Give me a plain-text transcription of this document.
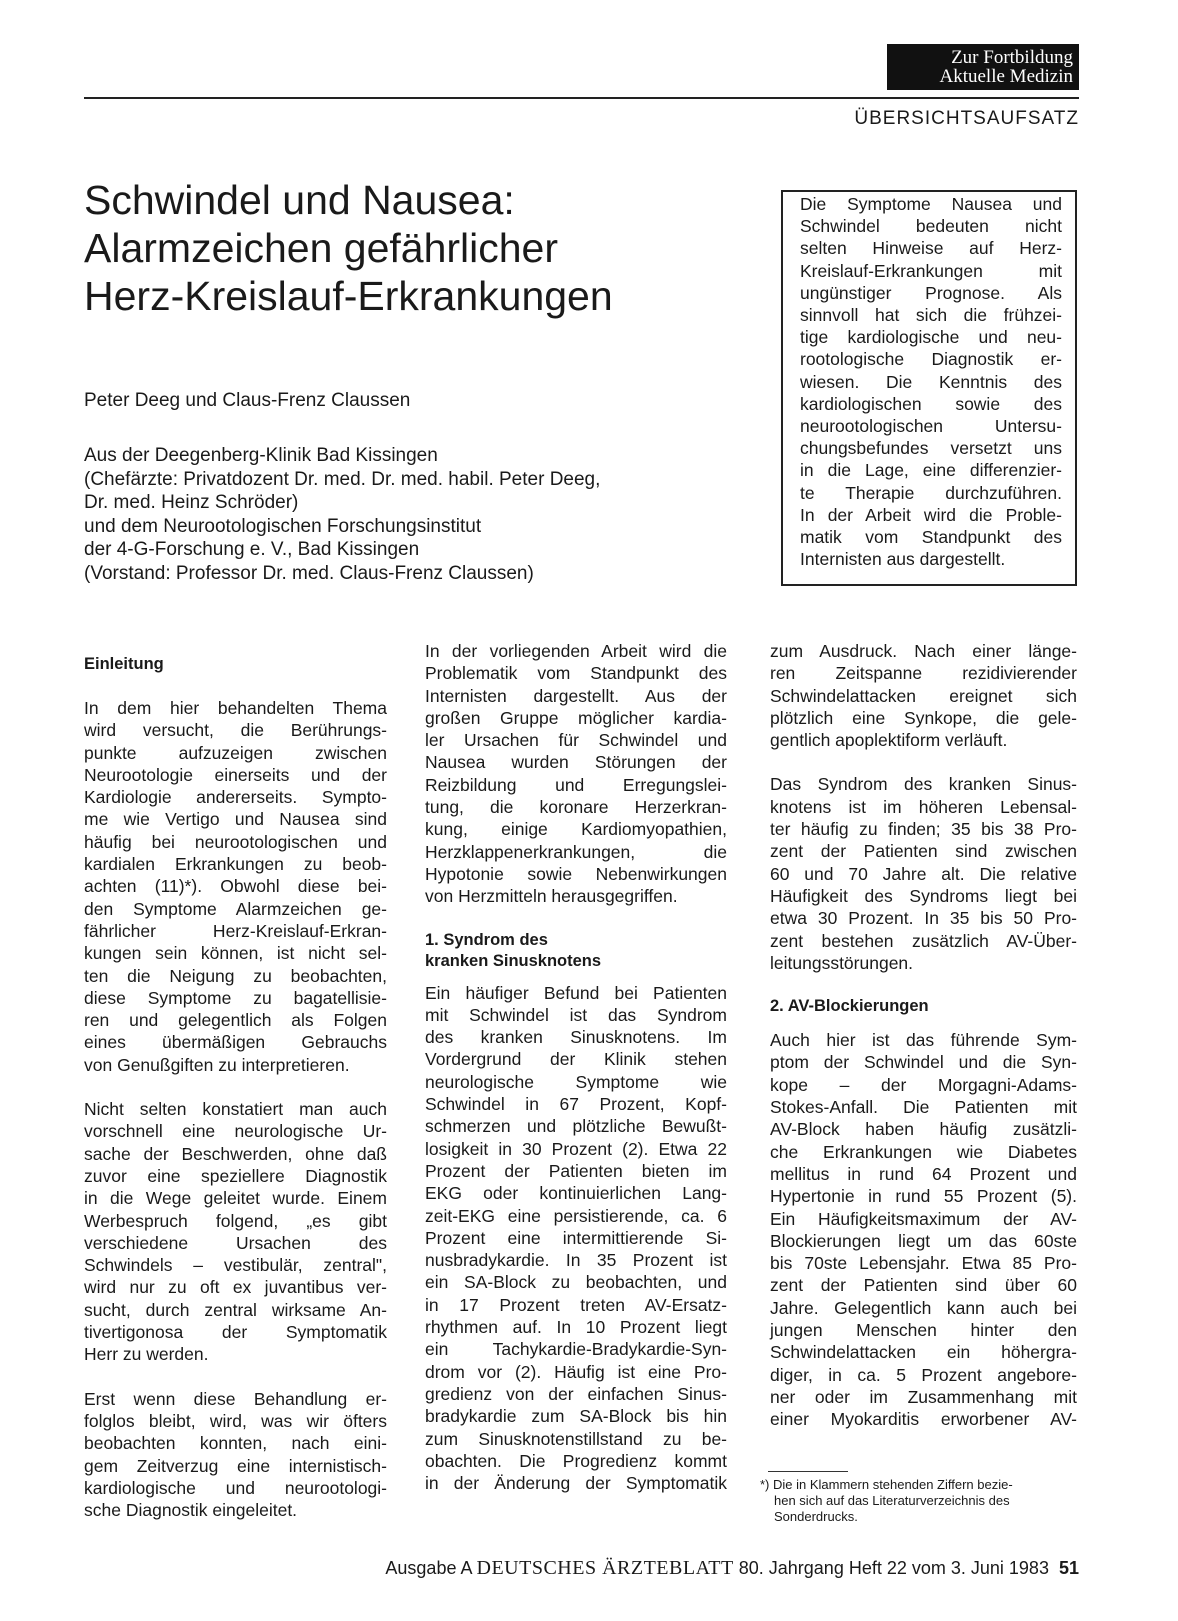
Zur Fortbildung
Aktuelle Medizin
ÜBERSICHTSAUFSATZ
Schwindel und Nausea:
Alarmzeichen gefährlicher
Herz-Kreislauf-Erkrankungen
Peter Deeg und Claus-Frenz Claussen
Aus der Deegenberg-Klinik Bad Kissingen
(Chefärzte: Privatdozent Dr. med. Dr. med. habil. Peter Deeg,
Dr. med. Heinz Schröder)
und dem Neurootologischen Forschungsinstitut
der 4-G-Forschung e. V., Bad Kissingen
(Vorstand: Professor Dr. med. Claus-Frenz Claussen)
Die Symptome Nausea und
Schwindel bedeuten nicht
selten Hinweise auf Herz-
Kreislauf-Erkrankungen mit
ungünstiger Prognose. Als
sinnvoll hat sich die frühzei-
tige kardiologische und neu-
rootologische Diagnostik er-
wiesen. Die Kenntnis des
kardiologischen sowie des
neurootologischen Untersu-
chungsbefundes versetzt uns
in die Lage, eine differenzier-
te Therapie durchzuführen.
In der Arbeit wird die Proble-
matik vom Standpunkt des
Internisten aus dargestellt.
Einleitung
In dem hier behandelten Thema
wird versucht, die Berührungs-
punkte aufzuzeigen zwischen
Neurootologie einerseits und der
Kardiologie andererseits. Sympto-
me wie Vertigo und Nausea sind
häufig bei neurootologischen und
kardialen Erkrankungen zu beob-
achten (11)*). Obwohl diese bei-
den Symptome Alarmzeichen ge-
fährlicher Herz-Kreislauf-Erkran-
kungen sein können, ist nicht sel-
ten die Neigung zu beobachten,
diese Symptome zu bagatellisie-
ren und gelegentlich als Folgen
eines übermäßigen Gebrauchs
von Genußgiften zu interpretieren.
Nicht selten konstatiert man auch
vorschnell eine neurologische Ur-
sache der Beschwerden, ohne daß
zuvor eine speziellere Diagnostik
in die Wege geleitet wurde. Einem
Werbespruch folgend, „es gibt
verschiedene Ursachen des
Schwindels – vestibulär, zentral",
wird nur zu oft ex juvantibus ver-
sucht, durch zentral wirksame An-
tivertigonosa der Symptomatik
Herr zu werden.
Erst wenn diese Behandlung er-
folglos bleibt, wird, was wir öfters
beobachten konnten, nach eini-
gem Zeitverzug eine internistisch-
kardiologische und neurootologi-
sche Diagnostik eingeleitet.
In der vorliegenden Arbeit wird die
Problematik vom Standpunkt des
Internisten dargestellt. Aus der
großen Gruppe möglicher kardia-
ler Ursachen für Schwindel und
Nausea wurden Störungen der
Reizbildung und Erregungslei-
tung, die koronare Herzerkran-
kung, einige Kardiomyopathien,
Herzklappenerkrankungen, die
Hypotonie sowie Nebenwirkungen
von Herzmitteln herausgegriffen.
1. Syndrom des
kranken Sinusknotens
Ein häufiger Befund bei Patienten
mit Schwindel ist das Syndrom
des kranken Sinusknotens. Im
Vordergrund der Klinik stehen
neurologische Symptome wie
Schwindel in 67 Prozent, Kopf-
schmerzen und plötzliche Bewußt-
losigkeit in 30 Prozent (2). Etwa 22
Prozent der Patienten bieten im
EKG oder kontinuierlichen Lang-
zeit-EKG eine persistierende, ca. 6
Prozent eine intermittierende Si-
nusbradykardie. In 35 Prozent ist
ein SA-Block zu beobachten, und
in 17 Prozent treten AV-Ersatz-
rhythmen auf. In 10 Prozent liegt
ein Tachykardie-Bradykardie-Syn-
drom vor (2). Häufig ist eine Pro-
gredienz von der einfachen Sinus-
bradykardie zum SA-Block bis hin
zum Sinusknotenstillstand zu be-
obachten. Die Progredienz kommt
in der Änderung der Symptomatik
zum Ausdruck. Nach einer länge-
ren Zeitspanne rezidivierender
Schwindelattacken ereignet sich
plötzlich eine Synkope, die gele-
gentlich apoplektiform verläuft.
Das Syndrom des kranken Sinus-
knotens ist im höheren Lebensal-
ter häufig zu finden; 35 bis 38 Pro-
zent der Patienten sind zwischen
60 und 70 Jahre alt. Die relative
Häufigkeit des Syndroms liegt bei
etwa 30 Prozent. In 35 bis 50 Pro-
zent bestehen zusätzlich AV-Über-
leitungsstörungen.
2. AV-Blockierungen
Auch hier ist das führende Sym-
ptom der Schwindel und die Syn-
kope – der Morgagni-Adams-
Stokes-Anfall. Die Patienten mit
AV-Block haben häufig zusätzli-
che Erkrankungen wie Diabetes
mellitus in rund 64 Prozent und
Hypertonie in rund 55 Prozent (5).
Ein Häufigkeitsmaximum der AV-
Blockierungen liegt um das 60ste
bis 70ste Lebensjahr. Etwa 85 Pro-
zent der Patienten sind über 60
Jahre. Gelegentlich kann auch bei
jungen Menschen hinter den
Schwindelattacken ein höhergra-
diger, in ca. 5 Prozent angebore-
ner oder im Zusammenhang mit
einer Myokarditis erworbener AV-
*) Die in Klammern stehenden Ziffern bezie-
hen sich auf das Literaturverzeichnis des
Sonderdrucks.
Ausgabe A DEUTSCHES ÄRZTEBLATT 80. Jahrgang Heft 22 vom 3. Juni 1983 51
